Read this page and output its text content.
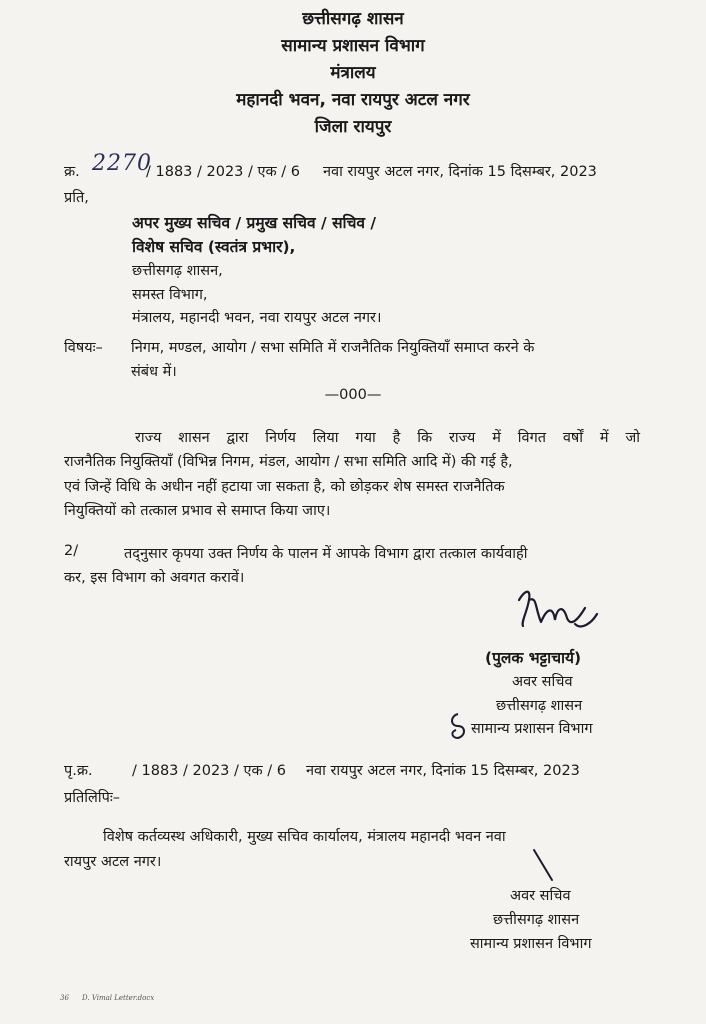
छत्तीसगढ़ शासन
सामान्य प्रशासन विभाग
मंत्रालय
महानदी भवन, नवा रायपुर अटल नगर
जिला रायपुर
क्र. 2270
/ 1883 / 2023 / एक / 6 नवा रायपुर अटल नगर, दिनांक 15 दिसम्बर, 2023
प्रति,
अपर मुख्य सचिव / प्रमुख सचिव / सचिव /
विशेष सचिव (स्वतंत्र प्रभार),
छत्तीसगढ़ शासन,
समस्त विभाग,
मंत्रालय, महानदी भवन, नवा रायपुर अटल नगर।
विषयः– निगम, मण्डल, आयोग / सभा समिति में राजनैतिक नियुक्तियाँ समाप्त करने के
संबंध में।
—000—
राज्य शासन द्वारा निर्णय लिया गया है कि राज्य में विगत वर्षों में जो
राजनैतिक नियुक्तियाँ (विभिन्न निगम, मंडल, आयोग / सभा समिति आदि में) की गई है,
एवं जिन्हें विधि के अधीन नहीं हटाया जा सकता है, को छोड़कर शेष समस्त राजनैतिक
नियुक्तियों को तत्काल प्रभाव से समाप्त किया जाए।
2/	तद्नुसार कृपया उक्त निर्णय के पालन में आपके विभाग द्वारा तत्काल कार्यवाही
कर, इस विभाग को अवगत करावें।
(पुलक भट्टाचार्य)
अवर सचिव
छत्तीसगढ़ शासन
सामान्य प्रशासन विभाग
पृ.क्र.	/ 1883 / 2023 / एक / 6 नवा रायपुर अटल नगर, दिनांक 15 दिसम्बर, 2023
प्रतिलिपिः–
विशेष कर्तव्यस्थ अधिकारी, मुख्य सचिव कार्यालय, मंत्रालय महानदी भवन नवा
रायपुर अटल नगर।
अवर सचिव
छत्तीसगढ़ शासन
सामान्य प्रशासन विभाग
36 D. Vimal Letter.docx
